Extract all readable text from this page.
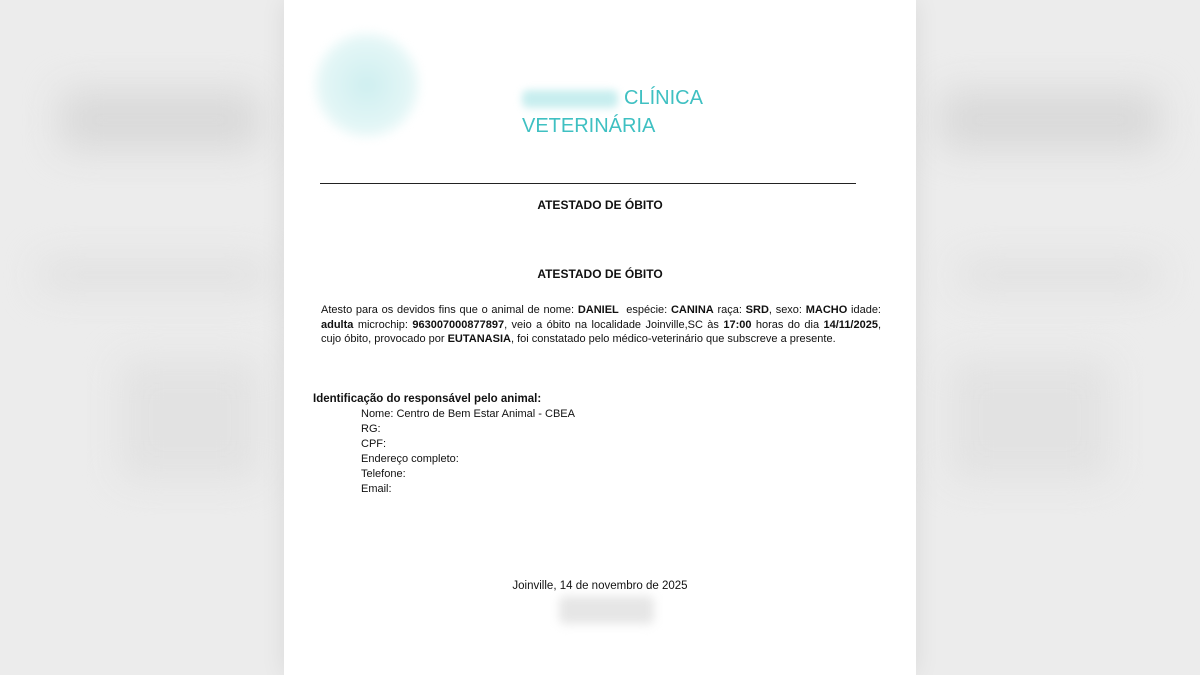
CLÍNICA
VETERINÁRIA
ATESTADO DE ÓBITO
ATESTADO DE ÓBITO
Atesto para os devidos fins que o animal de nome: DANIEL espécie: CANINA raça: SRD, sexo: MACHO idade: adulta microchip: 963007000877897, veio a óbito na localidade Joinville,SC às 17:00 horas do dia 14/11/2025, cujo óbito, provocado por EUTANASIA, foi constatado pelo médico-veterinário que subscreve a presente.
Identificação do responsável pelo animal:
Nome: Centro de Bem Estar Animal - CBEA
RG:
CPF:
Endereço completo:
Telefone:
Email:
Joinville, 14 de novembro de 2025
